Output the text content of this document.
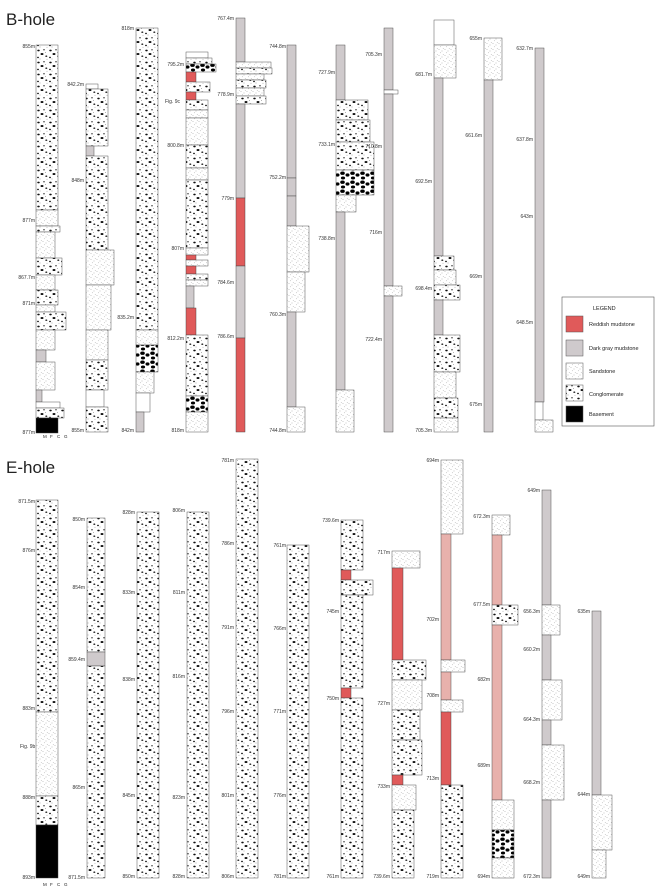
B-hole
E-hole
855m
877m
867.7m
871m
877m
842.2m
848m
855m
818m
835.2m
842m
795.2m
800.8m
807m
812.2m
818m
767.4m
778.9m
779m
784.6m
786.6m
744.8m
752.2m
760.3m
744.8m
727.9m
733.1m
738.8m
705.3m
710.8m
716m
722.4m
681.7m
692.5m
698.4m
705.3m
655m
661.6m
669m
675m
632.7m
637.8m
643m
648.5m
871.5m
876m
883m
888m
893m
850m
854m
859.4m
865m
871.5m
828m
833m
838m
845m
850m
806m
811m
816m
823m
828m
781m
786m
791m
796m
801m
806m
761m
766m
771m
776m
781m
739.6m
745m
750m
761m
717m
727m
733m
739.6m
694m
702m
708m
713m
719m
672.3m
677.5m
682m
689m
694m
649m
656.3m
660.2m
664.3m
668.2m
672.3m
635m
644m
649m
Fig. 9c
Fig. 9b
M F C G
M F C G
LEGEND
Reddish mudstone
Dark gray mudstone
Sandstone
Conglomerate
Basement
